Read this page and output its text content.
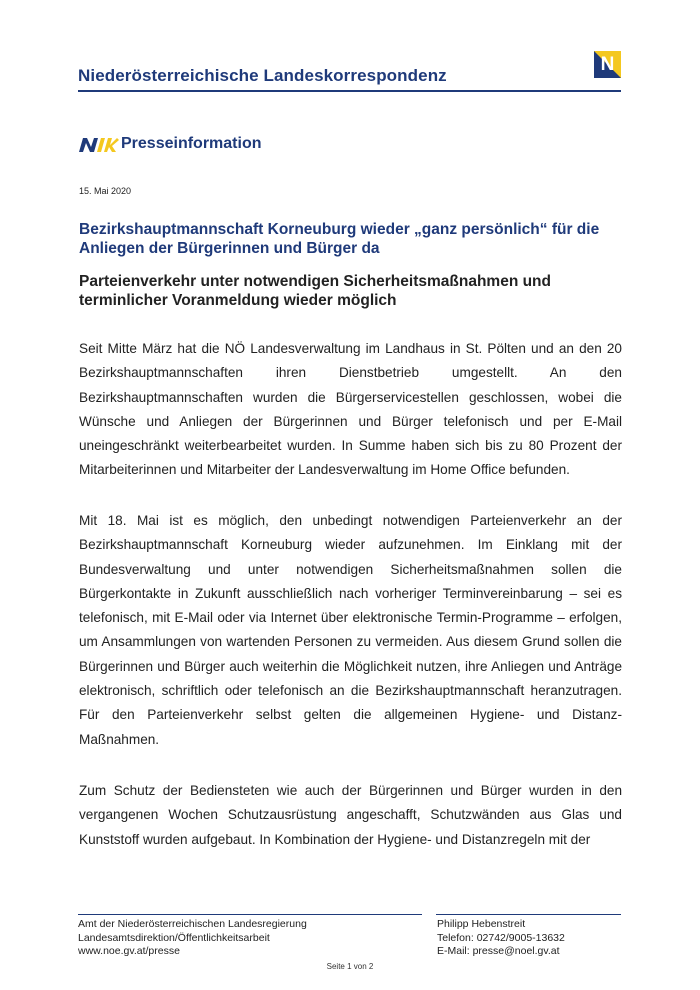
Niederösterreichische Landeskorrespondenz
N
Presseinformation
15. Mai 2020
Bezirkshauptmannschaft Korneuburg wieder „ganz persönlich“ für die Anliegen der Bürgerinnen und Bürger da
Parteienverkehr unter notwendigen Sicherheitsmaßnahmen und terminlicher Voranmeldung wieder möglich
Seit Mitte März hat die NÖ Landesverwaltung im Landhaus in St. Pölten und an den 20 Bezirkshauptmannschaften ihren Dienstbetrieb umgestellt. An den Bezirkshauptmannschaften wurden die Bürgerservicestellen geschlossen, wobei die Wünsche und Anliegen der Bürgerinnen und Bürger telefonisch und per E-Mail uneingeschränkt weiterbearbeitet wurden. In Summe haben sich bis zu 80 Prozent der Mitarbeiterinnen und Mitarbeiter der Landesverwaltung im Home Office befunden.
Mit 18. Mai ist es möglich, den unbedingt notwendigen Parteienverkehr an der Bezirkshauptmannschaft Korneuburg wieder aufzunehmen. Im Einklang mit der Bundesverwaltung und unter notwendigen Sicherheitsmaßnahmen sollen die Bürgerkontakte in Zukunft ausschließlich nach vorheriger Terminvereinbarung – sei es telefonisch, mit E-Mail oder via Internet über elektronische Termin-Programme – erfolgen, um Ansammlungen von wartenden Personen zu vermeiden. Aus diesem Grund sollen die Bürgerinnen und Bürger auch weiterhin die Möglichkeit nutzen, ihre Anliegen und Anträge elektronisch, schriftlich oder telefonisch an die Bezirkshauptmannschaft heranzutragen. Für den Parteienverkehr selbst gelten die allgemeinen Hygiene- und Distanz-Maßnahmen.
Zum Schutz der Bediensteten wie auch der Bürgerinnen und Bürger wurden in den vergangenen Wochen Schutzausrüstung angeschafft, Schutzwänden aus Glas und Kunststoff wurden aufgebaut. In Kombination der Hygiene- und Distanzregeln mit der
Amt der Niederösterreichischen Landesregierung
Landesamtsdirektion/Öffentlichkeitsarbeit
www.noe.gv.at/presse
Philipp Hebenstreit
Telefon: 02742/9005-13632
E-Mail: presse@noel.gv.at
Seite 1 von 2
